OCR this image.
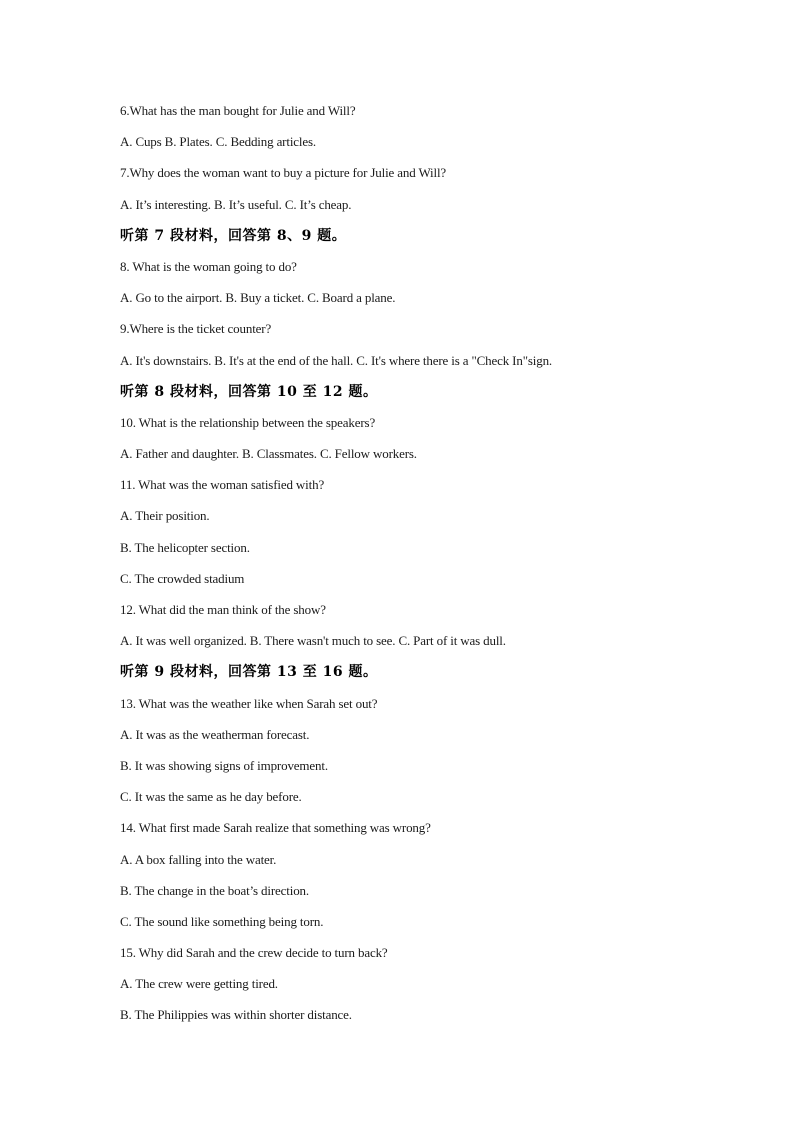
6.What has the man bought for Julie and Will?
A. Cups B. Plates. C. Bedding articles.
7.Why does the woman want to buy a picture for Julie and Will?
A. It’s interesting. B. It’s useful. C. It’s cheap.
听第 7 段材料，回答第 8、9 题。
8. What is the woman going to do?
A. Go to the airport. B. Buy a ticket. C. Board a plane.
9.Where is the ticket counter?
A. It's downstairs. B. It's at the end of the hall. C. It's where there is a "Check In"sign.
听第 8 段材料，回答第 10 至 12 题。
10. What is the relationship between the speakers?
A. Father and daughter. B. Classmates. C. Fellow workers.
11. What was the woman satisfied with?
A. Their position.
B. The helicopter section.
C. The crowded stadium
12. What did the man think of the show?
A. It was well organized. B. There wasn't much to see. C. Part of it was dull.
听第 9 段材料，回答第 13 至 16 题。
13. What was the weather like when Sarah set out?
A. It was as the weatherman forecast.
B. It was showing signs of improvement.
C. It was the same as he day before.
14. What first made Sarah realize that something was wrong?
A. A box falling into the water.
B. The change in the boat’s direction.
C. The sound like something being torn.
15. Why did Sarah and the crew decide to turn back?
A. The crew were getting tired.
B. The Philippies was within shorter distance.
